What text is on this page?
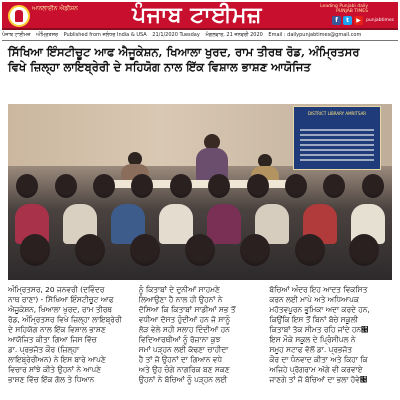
ਆਨਲਾਈਨ ਐਡੀਸ਼ਨ	ਪੰਜਾਬ ਟਾਈਮਜ਼	Leading Punjabi daily PUNJAB TIMES
f	t	▶	punjabtimes
ਪੰਜਾਬ ਟਾਈਮਜ਼ ਅੰਮ੍ਰਿਤਸਰ Published from ਜਲੰਧਰ India & USA 21/1/2020 Tuesday ਮੰਗਲਵਾਰ, 21 ਜਨਵਰੀ 2020 Email : dailypunjabtimes@gmail.com
ਸਿੱਖਿਆ ਇੰਸਟੀਚੂਟ ਆਫ ਐਜੂਕੇਸ਼ਨ, ਖਿਆਲਾ ਖੁਰਦ, ਰਾਮ ਤੀਰਥ ਰੋਡ, ਅੰਮ੍ਰਿਤਸਰ
ਵਿਖੇ ਜ਼ਿਲ੍ਹਾ ਲਾਇਬ੍ਰੇਰੀ ਦੇ ਸਹਿਯੋਗ ਨਾਲ ਇੱਕ ਵਿਸ਼ਾਲ ਭਾਸ਼ਣ ਆਯੋਜਿਤ
DISTRICT LIBRARY AMRITSAR
ਅੰਮ੍ਰਿਤਸਰ, 20 ਜਨਵਰੀ (ਦਵਿੰਦਰ
ਨਾਥ ਰਾਣਾ) - ਸਿੱਖਿਆ ਇੰਸਟੀਚੂਟ ਆਫ
ਐਜੂਕੇਸ਼ਨ, ਖਿਆਲਾ ਖੁਰਦ, ਰਾਮ ਤੀਰਥ
ਰੋਡ, ਅੰਮ੍ਰਿਤਸਰ ਵਿਖੇ ਜ਼ਿਲ੍ਹਾ ਲਾਇਬ੍ਰੇਰੀ
ਦੇ ਸਹਿਯੋਗ ਨਾਲ ਇੱਕ ਵਿਸ਼ਾਲ ਭਾਸ਼ਣ
ਆਯੋਜਿਤ ਕੀਤਾ ਗਿਆ ਜਿਸ ਵਿੱਚ
ਡਾ. ਪ੍ਰਭਜੋਤ ਕੌਰ (ਜ਼ਿਲ੍ਹਾ
ਲਾਇਬ੍ਰੇਰੀਅਨ) ਨੇ ਇਸ ਬਾਰੇ ਆਪਣੇ
ਵਿਚਾਰ ਸਾਂਝੇ ਕੀਤੇ ਉਹਨਾਂ ਨੇ ਆਪਣੇ
ਭਾਸ਼ਣ ਵਿੱਚ ਇੱਕ ਗੱਲ ਤੇ ਧਿਆਨ
ਨੂੰ ਕਿਤਾਬਾਂ ਦੇ ਦੁਨੀਆਂ ਸਾਹਮਣੇ
ਲਿਆਉਣਾ ਹੈ ਨਾਲ ਹੀ ਉਹਨਾਂ ਨੇ
ਦੱਸਿਆ ਕਿ ਕਿਤਾਬਾਂ ਸਾਡੀਆਂ ਸਭ ਤੋਂ
ਵਧੀਆ ਦੋਸਤ ਹੁੰਦੀਆਂ ਹਨ ਜੋ ਸਾਨੂੰ
ਲੋੜ ਵੇਲੇ ਸਹੀ ਸਲਾਹ ਦਿੰਦੀਆਂ ਹਨ
ਵਿਦਿਆਰਥੀਆਂ ਨੂੰ ਰੋਜ਼ਾਨਾ ਕੁਝ
ਸਮਾਂ ਪੜ੍ਹਨ ਲਈ ਕੱਢਣਾ ਚਾਹੀਦਾ
ਹੈ ਤਾਂ ਜੋ ਉਹਨਾਂ ਦਾ ਗਿਆਨ ਵਧੇ
ਅਤੇ ਉਹ ਚੰਗੇ ਨਾਗਰਿਕ ਬਣ ਸਕਣ
ਉਹਨਾਂ ਨੇ ਬੱਚਿਆਂ ਨੂੰ ਪੜ੍ਹਨ ਲਈ
ਬੱਚਿਆਂ ਅੰਦਰ ਇਹ ਆਦਤ ਵਿਕਸਿਤ
ਕਰਨ ਲਈ ਮਾਪੇ ਅਤੇ ਅਧਿਆਪਕ
ਮਹੱਤਵਪੂਰਨ ਭੂਮਿਕਾ ਅਦਾ ਕਰਦੇ ਹਨ,
ਕਿਉਂਕਿ ਇਸ ਤੋਂ ਬਿਨਾਂ ਬੱਚੇ ਸਕੂਲੀ
ਕਿਤਾਬਾਂ ਤੱਕ ਸੀਮਤ ਰਹਿ ਜਾਂਦੇ ਹਨ੤
ਇਸ ਮੌਕੇ ਸਕੂਲ ਦੇ ਪ੍ਰਿੰਸੀਪਲ ਨੇ
ਸਮੂਹ ਸਟਾਫ ਵੱਲੋਂ ਡਾ. ਪ੍ਰਭਜੋਤ
ਕੌਰ ਦਾ ਧੰਨਵਾਦ ਕੀਤਾ ਅਤੇ ਕਿਹਾ ਕਿ
ਅਜਿਹੇ ਪ੍ਰੋਗਰਾਮ ਅੱਗੇ ਵੀ ਕਰਵਾਏ
ਜਾਣਗੇ ਤਾਂ ਜੋ ਬੱਚਿਆਂ ਦਾ ਭਲਾ ਹੋਵੇ੤
